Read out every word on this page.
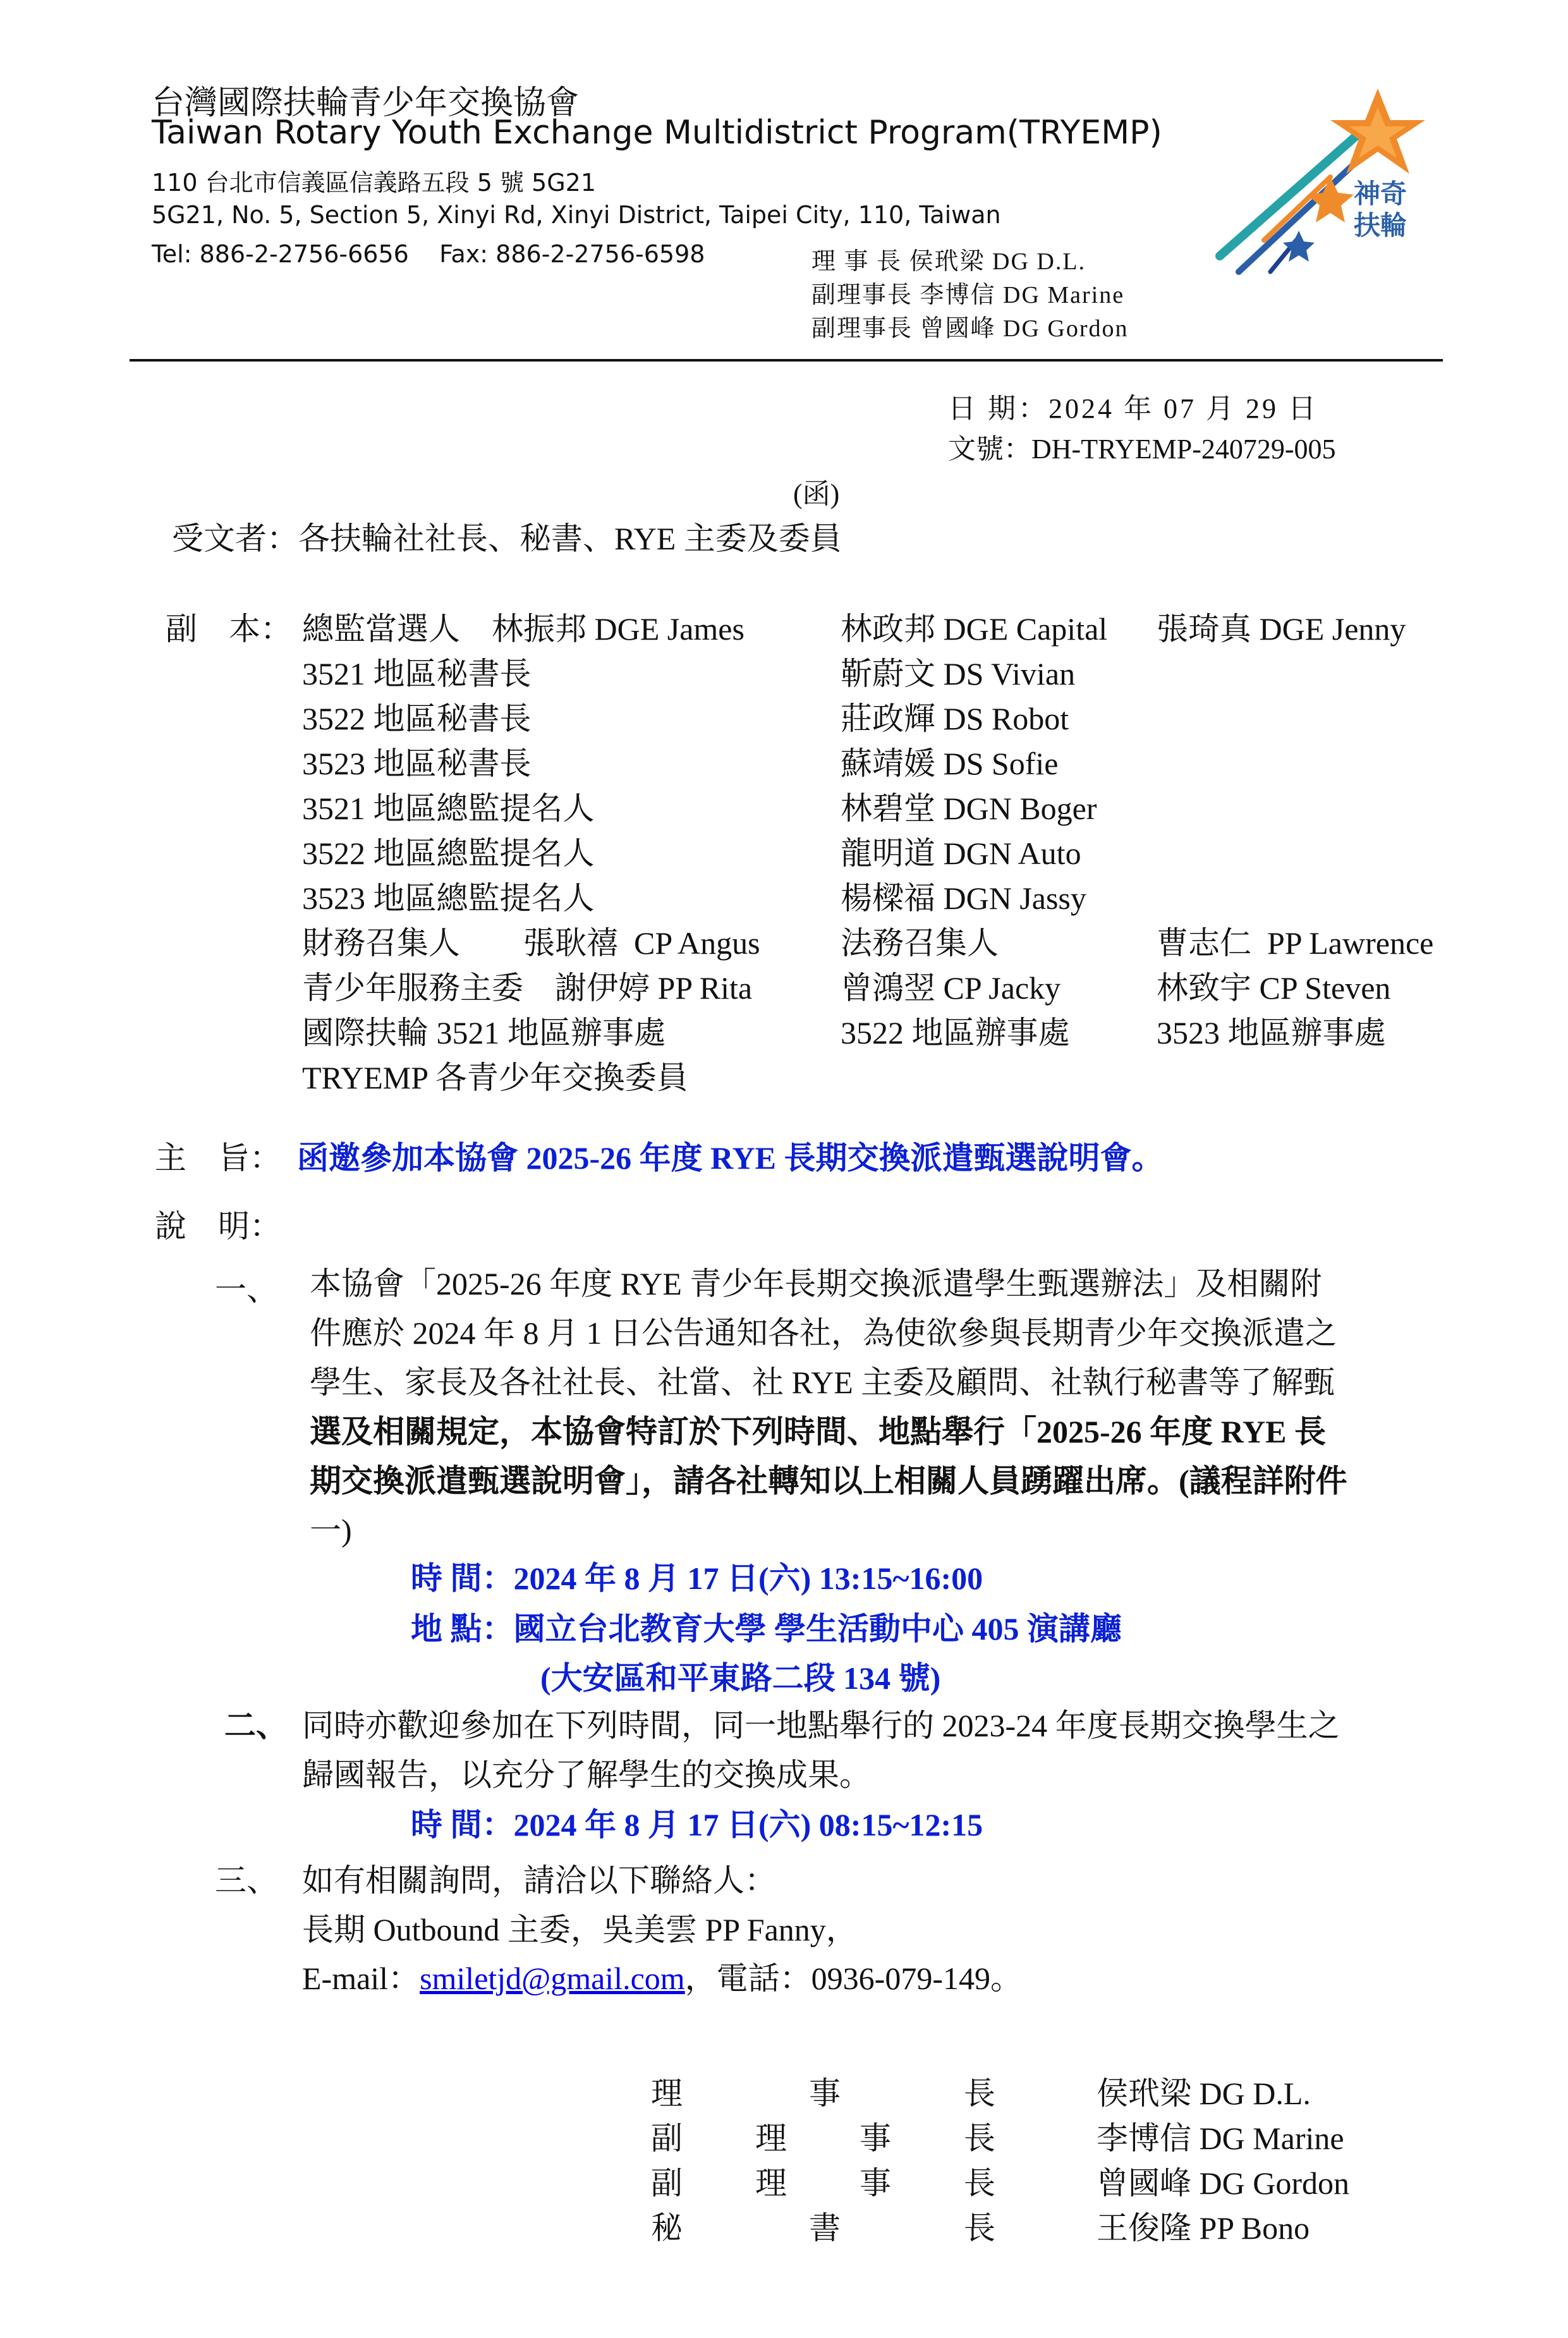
台灣國際扶輪青少年交換協會
Taiwan Rotary Youth Exchange Multidistrict Program(TRYEMP)
110 台北市信義區信義路五段 5 號 5G21
5G21, No. 5, Section 5, Xinyi Rd, Xinyi District, Taipei City, 110, Taiwan
Tel: 886-2-2756-6656    Fax: 886-2-2756-6598	理 事 長 侯玳梁 DG D.L.
副理事長 李博信 DG Marine
副理事長 曾國峰 DG Gordon
神奇
扶輪
日 期：2024 年 07 月 29 日
文號：DH-TRYEMP-240729-005
(函)
受文者：各扶輪社社長、秘書、RYE 主委及委員
副　本： 總監當選人　林振邦 DGE James	林政邦 DGE Capital 張琦真 DGE Jenny
3521 地區秘書長	靳蔚文 DS Vivian
3522 地區秘書長	莊政輝 DS Robot
3523 地區秘書長	蘇靖媛 DS Sofie
3521 地區總監提名人	林碧堂 DGN Boger
3522 地區總監提名人	龍明道 DGN Auto
3523 地區總監提名人	楊樑福 DGN Jassy
財務召集人　　張耿禧  CP Angus	法務召集人	曹志仁  PP Lawrence
青少年服務主委　謝伊婷 PP Rita	曾鴻翌 CP Jacky	林致宇 CP Steven
國際扶輪 3521 地區辦事處	3522 地區辦事處	3523 地區辦事處
TRYEMP 各青少年交換委員
主　旨： 函邀參加本協會 2025-26 年度 RYE 長期交換派遣甄選說明會。
說　明：
一、 本協會「2025-26 年度 RYE 青少年長期交換派遣學生甄選辦法」及相關附
件應於 2024 年 8 月 1 日公告通知各社，為使欲參與長期青少年交換派遣之
學生、家長及各社社長、社當、社 RYE 主委及顧問、社執行秘書等了解甄
選及相關規定，本協會特訂於下列時間、地點舉行「2025-26 年度 RYE 長
期交換派遣甄選說明會」，請各社轉知以上相關人員踴躍出席。(議程詳附件
一)
時 間：2024 年 8 月 17 日(六) 13:15~16:00
地 點：國立台北教育大學 學生活動中心 405 演講廳
(大安區和平東路二段 134 號)
二、 同時亦歡迎參加在下列時間，同一地點舉行的 2023-24 年度長期交換學生之
歸國報告，以充分了解學生的交換成果。
時 間：2024 年 8 月 17 日(六) 08:15~12:15
三、 如有相關詢問，請洽以下聯絡人：
長期 Outbound 主委，吳美雲 PP Fanny，
E-mail：smiletjd@gmail.com，電話：0936-079-149。
理	事	長	侯玳梁 DG D.L.
副 理 事 長	李博信 DG Marine
副 理 事 長	曾國峰 DG Gordon
秘	書	長	王俊隆 PP Bono
